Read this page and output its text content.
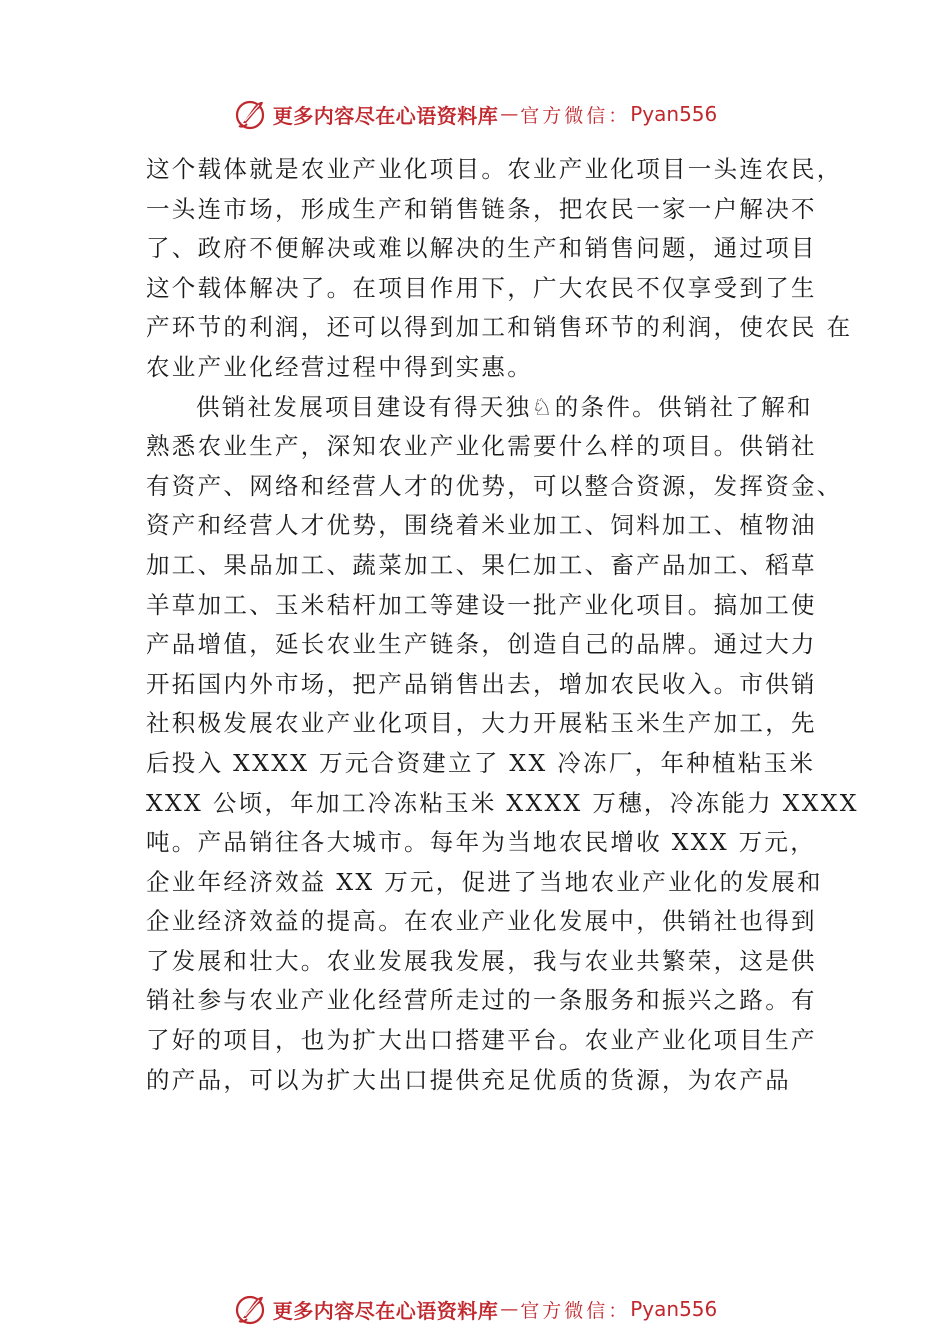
更多内容尽在心语资料库 — 官方微信： Pyan556
这个载体就是农业产业化项目。农业产业化项目一头连农民，
一头连市场，形成生产和销售链条，把农民一家一户解决不
了、政府不便解决或难以解决的生产和销售问题，通过项目
这个载体解决了。在项目作用下，广大农民不仅享受到了生
产环节的利润，还可以得到加工和销售环节的利润，使农民 在
农业产业化经营过程中得到实惠。
供销社发展项目建设有得天独♘的条件。供销社了解和
熟悉农业生产，深知农业产业化需要什么样的项目。供销社
有资产、网络和经营人才的优势，可以整合资源，发挥资金、
资产和经营人才优势，围绕着米业加工、饲料加工、植物油
加工、果品加工、蔬菜加工、果仁加工、畜产品加工、稻草
羊草加工、玉米秸杆加工等建设一批产业化项目。搞加工使
产品增值，延长农业生产链条，创造自己的品牌。通过大力
开拓国内外市场，把产品销售出去，增加农民收入。市供销
社积极发展农业产业化项目，大力开展粘玉米生产加工，先
后投入 XXXX 万元合资建立了 XX 冷冻厂，年种植粘玉米
XXX 公顷，年加工冷冻粘玉米 XXXX 万穗，冷冻能力 XXXX
吨。产品销往各大城市。每年为当地农民增收 XXX 万元，
企业年经济效益 XX 万元，促进了当地农业产业化的发展和
企业经济效益的提高。在农业产业化发展中，供销社也得到
了发展和壮大。农业发展我发展，我与农业共繁荣，这是供
销社参与农业产业化经营所走过的一条服务和振兴之路。有
了好的项目，也为扩大出口搭建平台。农业产业化项目生产
的产品，可以为扩大出口提供充足优质的货源，为农产品
更多内容尽在心语资料库 — 官方微信： Pyan556
